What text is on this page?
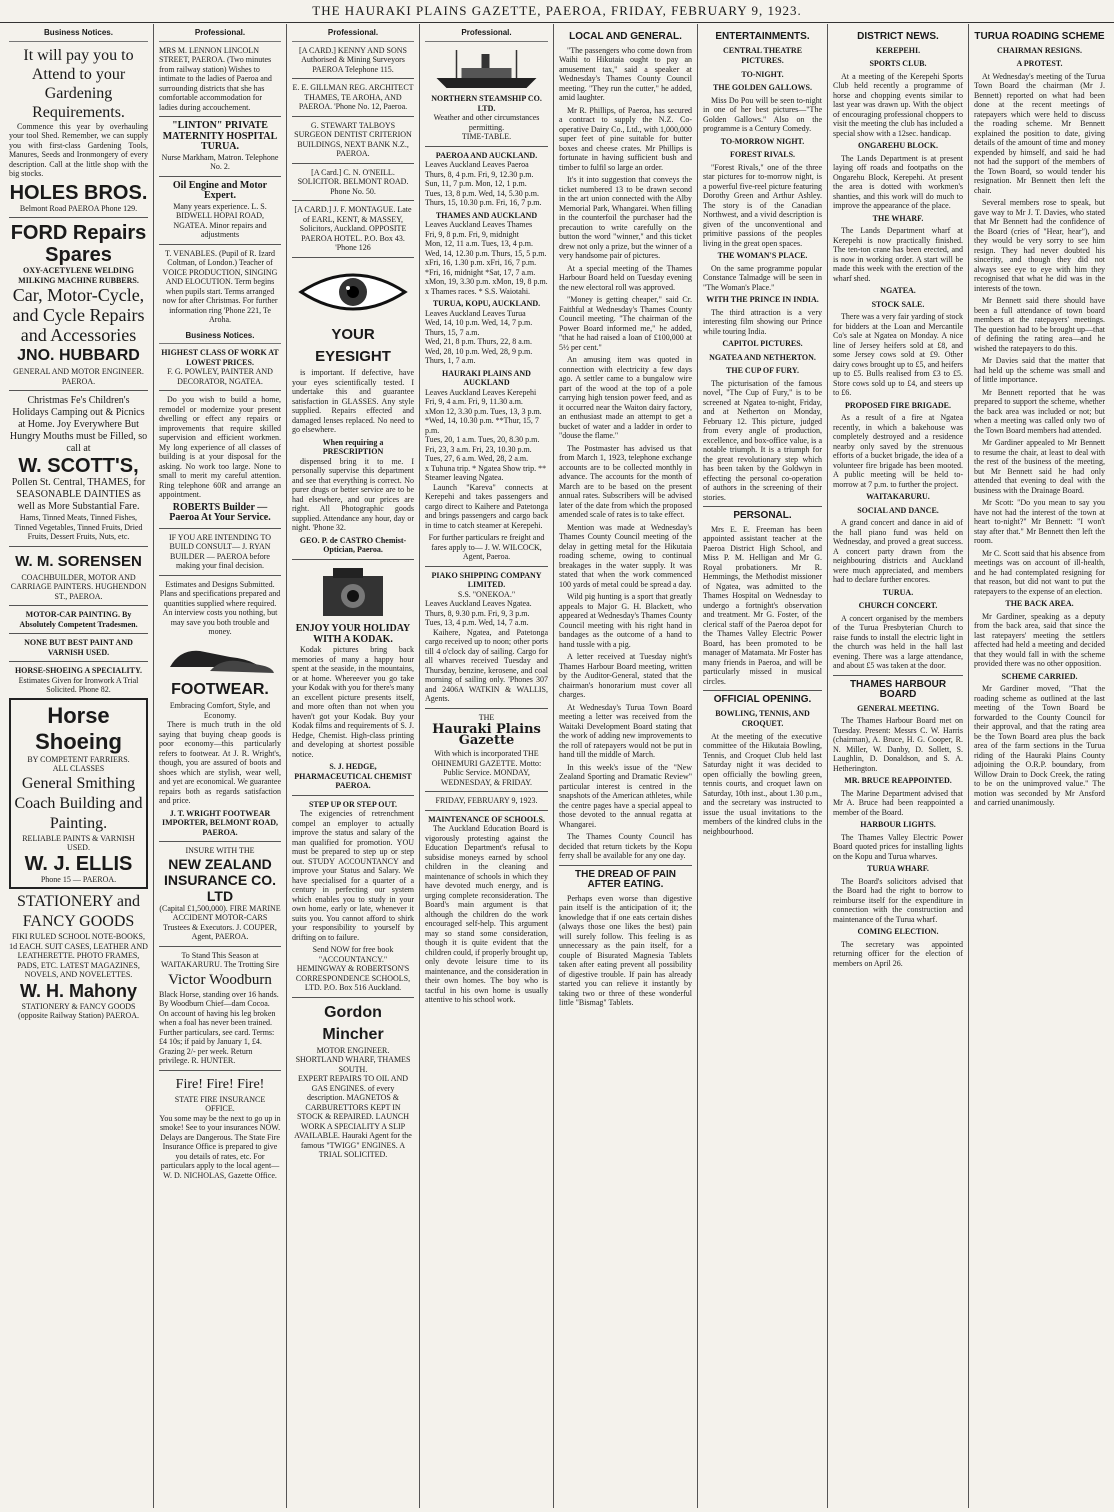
THE HAURAKI PLAINS GAZETTE, PAEROA, FRIDAY, FEBRUARY 9, 1923.
Business Notices.
It will pay you to Attend to your Gardening Requirements.

Commence this year by overhauling your tool Shed. Remember, we can supply you with first-class Gardening Tools, Manures, Seeds and Ironmongery of every description. Call at the little shop with the big stocks.

HOLES BROS.
Belmont Road PAEROA Phone 129.
FORD Repairs Spares
OXY-ACETYLENE WELDING MILKING MACHINE RUBBERS.
Car, Motor-Cycle, and Cycle Repairs and Accessories
JNO. HUBBARD
GENERAL AND MOTOR ENGINEER. PAEROA.
Christmas Fe's Children's Holidays Camping out & Picnics at Home. Joy Everywhere But Hungry Mouths must be Filled, so call at
W. SCOTT'S,
Pollen St. Central, THAMES, for SEASONABLE DAINTIES as well as More Substantial Fare.
Hams, Tinned Meats, Tinned Fishes, Tinned Vegetables, Tinned Fruits, Dried Fruits, Dessert Fruits, Nuts, etc.
W. M. SORENSEN
COACHBUILDER, MOTOR AND CARRIAGE PAINTERS. HUGHENDON ST., PAEROA.
MOTOR-CAR PAINTING. By Absolutely Competent Tradesmen.
NONE BUT BEST PAINT AND VARNISH USED.
HORSE-SHOEING A SPECIALITY.
Estimates Given for Ironwork A Trial Solicited. Phone 82.
Horse Shoeing
BY COMPETENT FARRIERS.
ALL CLASSES
General Smithing
Coach Building and Painting.
RELIABLE PAINTS & VARNISH USED.
W. J. ELLIS
Phone 15 — PAEROA.
STATIONERY and FANCY GOODS
FIKI RULED SCHOOL NOTE-BOOKS, 1d EACH. SUIT CASES, LEATHER AND LEATHERETTE. PHOTO FRAMES, PADS, ETC. LATEST MAGAZINES, NOVELS, AND NOVELETTES.
W. H. Mahony
STATIONERY & FANCY GOODS (opposite Railway Station) PAEROA.
Professional.
MRS M. LENNON LINCOLN STREET, PAEROA. (Two minutes from railway station) Wishes to intimate to the ladies of Paeroa and surrounding districts that she has comfortable accommodation for ladies during accouchement.
"LINTON" PRIVATE MATERNITY HOSPITAL TURUA.
Nurse Markham, Matron. Telephone No. 2.
Oil Engine and Motor Expert.
Many years experience. L. S. BIDWELL HOPAI ROAD, NGATEA. Minor repairs and adjustments
T. VENABLES. (Pupil of R. Izard Coltman, of London.) Teacher of VOICE PRODUCTION, SINGING AND ELOCUTION. Term begins when pupils start. Terms arranged now for after Christmas. For further information ring 'Phone 221, Te Aroha.
Business Notices.
HIGHEST CLASS OF WORK AT LOWEST PRICES.
F. G. POWLEY, PAINTER AND DECORATOR, NGATEA.

Do you wish to build a home, remodel or modernize your present dwelling or effect any repairs or improvements that require skilled supervision and efficient workmen. My long experience of all classes of building is at your disposal for the asking. No work too large. None to small to merit my careful attention. Ring telephone 60R and arrange an appointment.

ROBERTS Builder — Paeroa At Your Service.
IF YOU ARE INTENDING TO BUILD CONSULT— J. RYAN BUILDER — PAEROA before making your final decision.
Estimates and Designs Submitted. Plans and specifications prepared and quantities supplied where required. An interview costs you nothing, but may save you both trouble and money.
FOOTWEAR.
Embracing Comfort, Style, and Economy.

There is much truth in the old saying that buying cheap goods is poor economy—this particularly refers to footwear. At J. R. Wright's, though, you are assured of boots and shoes which are stylish, wear well, and yet are economical. We guarantee repairs both as regards satisfaction and price.

J. T. WRIGHT FOOTWEAR IMPORTER, BELMONT ROAD, PAEROA.
INSURE WITH THE
NEW ZEALAND INSURANCE CO. LTD
(Capital £1,500,000). FIRE MARINE ACCIDENT MOTOR-CARS Trustees & Executors. J. COUPER, Agent, PAEROA.
To Stand This Season at WAITAKARURU. The Trotting Sire
Victor Woodburn
Black Horse, standing over 16 hands. By Woodburn Chief—dam Cocoa. On account of having his leg broken when a foal has never been trained. Further particulars, see card. Terms: £4 10s; if paid by January 1, £4. Grazing 2/- per week. Return privilege. R. HUNTER.
Fire! Fire! Fire!
STATE FIRE INSURANCE OFFICE.
You some may be the next to go up in smoke! See to your insurances NOW. Delays are Dangerous. The State Fire Insurance Office is prepared to give you details of rates, etc. For particulars apply to the local agent— W. D. NICHOLAS, Gazette Office.
Professional.
[A CARD.] KENNY AND SONS Authorised & Mining Surveyors PAEROA Telephone 115.
E. E. GILLMAN REG. ARCHITECT THAMES, TE AROHA, AND PAEROA. 'Phone No. 12, Paeroa.
G. STEWART TALBOYS SURGEON DENTIST CRITERION BUILDINGS, NEXT BANK N.Z., PAEROA.
[A Card.] C. N. O'NEILL. SOLICITOR. BELMONT ROAD. Phone No. 50.
[A CARD.] J. F. MONTAGUE. Late of EARL, KENT, & MASSEY, Solicitors, Auckland. OPPOSITE PAEROA HOTEL. P.O. Box 43. 'Phone 126
YOUR EYESIGHT

is important. If defective, have your eyes scientifically tested. I undertake this and guarantee satisfaction in GLASSES. Any style supplied. Repairs effected and damaged lenses replaced. No need to go elsewhere.

When requiring a PRESCRIPTION

dispensed bring it to me. I personally supervise this department and see that everything is correct. No purer drugs or better service are to be had elsewhere, and our prices are right. All Photographic goods supplied. Attendance any hour, day or night. 'Phone 32.

GEO. P. de CASTRO Chemist-Optician, Paeroa.
ENJOY YOUR HOLIDAY WITH A KODAK.

Kodak pictures bring back memories of many a happy hour spent at the seaside, in the mountains, or at home. Whereever you go take your Kodak with you for there's many an excellent picture presents itself, and more often than not when you haven't got your Kodak. Buy your Kodak films and requirements of S. J. Hedge, Chemist. High-class printing and developing at shortest possible notice.

S. J. HEDGE, PHARMACEUTICAL CHEMIST PAEROA.
STEP UP OR STEP OUT.

The exigencies of retrenchment compel an employer to actually improve the status and salary of the man qualified for promotion. YOU must be prepared to step up or step out. STUDY ACCOUNTANCY and improve your Status and Salary. We have specialised for a quarter of a century in perfecting our system which enables you to study in your own home, early or late, whenever it suits you. You cannot afford to shirk your responsibility to yourself by drifting on to failure.

Send NOW for free book "ACCOUNTANCY."
HEMINGWAY & ROBERTSON'S CORRESPONDENCE SCHOOLS, LTD. P.O. Box 516 Auckland.
Gordon Mincher
MOTOR ENGINEER. SHORTLAND WHARF, THAMES SOUTH.
EXPERT REPAIRS TO OIL AND GAS ENGINES. of every description. MAGNETOS & CARBURETTORS KEPT IN STOCK & REPAIRED. LAUNCH WORK A SPECIALITY A SLIP AVAILABLE. Hauraki Agent for the famous "TWIGG" ENGINES. A TRIAL SOLICITED.
Professional.
NORTHERN STEAMSHIP CO. LTD.
Weather and other circumstances permitting.
TIME-TABLE.
PAEROA AND AUCKLAND.
Leaves Auckland Leaves Paeroa
Thurs, 8, 4 p.m. Fri, 9, 12.30 p.m.
Sun, 11, 7 p.m. Mon, 12, 1 p.m.
Tues, 13, 8 p.m. Wed, 14, 5.30 p.m.
Thurs, 15, 10.30 p.m. Fri, 16, 7 p.m.
THAMES AND AUCKLAND
Leaves Auckland Leaves Thames
Fri, 9, 8 p.m. Fri, 9, midnight
Mon, 12, 11 a.m. Tues, 13, 4 p.m.
Wed, 14, 12.30 p.m. Thurs, 15, 5 p.m.
xFri, 16, 1.30 p.m. xFri, 16, 7 p.m.
*Fri, 16, midnight *Sat, 17, 7 a.m.
xMon, 19, 3.30 p.m. xMon, 19, 8 p.m.
x Thames races. * S.S. Waiotahi.
TURUA, KOPU, AUCKLAND.
Leaves Auckland Leaves Turua
Wed, 14, 10 p.m. Wed, 14, 7 p.m.
Thurs, 15, 7 a.m.
Wed, 21, 8 p.m. Thurs, 22, 8 a.m.
Wed, 28, 10 p.m. Wed, 28, 9 p.m.
Thurs, 1, 7 a.m.
HAURAKI PLAINS AND AUCKLAND
Leaves Auckland Leaves Kerepehi
Fri, 9, 4 a.m. Fri, 9, 11.30 a.m.
xMon 12, 3.30 p.m. Tues, 13, 3 p.m.
*Wed, 14, 10.30 p.m. **Thur, 15, 7 p.m.
Tues, 20, 1 a.m. Tues, 20, 8.30 p.m.
Fri, 23, 3 a.m. Fri, 23, 10.30 p.m.
Tues, 27, 6 a.m. Wed, 28, 2 a.m.
x Tuhuna trip. * Ngatea Show trip. ** Steamer leaving Ngatea.

Launch "Kareva" connects at Kerepehi and takes passengers and cargo direct to Kaihere and Patetonga and brings passengers and cargo back in time to catch steamer at Kerepehi.

For further particulars re freight and fares apply to— J. W. WILCOCK, Agent, Paeroa.
PIAKO SHIPPING COMPANY LIMITED.
S.S. "ONEKOA."
Leaves Auckland Leaves Ngatea.
Thurs, 8, 9.30 p.m. Fri, 9, 3 p.m.
Tues, 13, 4 p.m. Wed, 14, 7 a.m.

Kaihere, Ngatea, and Patetonga cargo received up to noon; other ports till 4 o'clock day of sailing. Cargo for all wharves received Tuesday and Thursday, benzine, kerosene, and coal morning of sailing only. 'Phones 307 and 2406A WATKIN & WALLIS, Agents.

THE
Hauraki Plains Gazette
With which is incorporated THE OHINEMURI GAZETTE. Motto: Public Service. MONDAY, WEDNESDAY, & FRIDAY.
FRIDAY, FEBRUARY 9, 1923.
MAINTENANCE OF SCHOOLS.

The Auckland Education Board is vigorously protesting against the Education Department's refusal to subsidise moneys earned by school children in the cleaning and maintenance of schools in which they have devoted much energy, and is urging complete reconsideration. The Board's main argument is that although the children do the work encouraged self-help. This argument may so stand some consideration, though it is quite evident that the children could, if properly brought up, only devote leisure time to its maintenance, and the consideration in their own homes. The boy who is tactful in his own home is usually attentive to his school work.

LOCAL AND GENERAL.

"The passengers who come down from Waihi to Hikutaia ought to pay an amusement tax," said a speaker at Wednesday's Thames County Council meeting. "They run the cutter," he added, amid laughter.

Mr R. Phillips, of Paeroa, has secured a contract to supply the N.Z. Co-operative Dairy Co., Ltd., with 1,000,000 super feet of pine suitable for butter boxes and cheese crates. Mr Phillips is fortunate in having sufficient bush and timber to fulfil so large an order.

It's it into suggestion that conveys the ticket numbered 13 to be drawn second in the art union connected with the Alby Memorial Park, Whangarei. When filling in the counterfoil the purchaser had the precaution to write carefully on the button the word "winner," and this ticket drew not only a prize, but the winner of a very handsome pair of pictures.

At a special meeting of the Thames Harbour Board held on Tuesday evening the new electoral roll was approved.

"Money is getting cheaper," said Cr. Faithful at Wednesday's Thames County Council meeting. "The chairman of the Power Board informed me," he added, "that he had raised a loan of £100,000 at 5½ per cent."

An amusing item was quoted in connection with electricity a few days ago. A settler came to a bungalow wire part of the wood at the top of a pole carrying high tension power feed, and as it occurred near the Waiton dairy factory, an enthusiast made an attempt to get a bucket of water and a ladder in order to "douse the flame."

The Postmaster has advised us that from March 1, 1923, telephone exchange accounts are to be collected monthly in advance. The accounts for the month of March are to be based on the present annual rates. Subscribers will be advised later of the date from which the proposed amended scale of rates is to take effect.

Mention was made at Wednesday's Thames County Council meeting of the delay in getting metal for the Hikutaia roading scheme, owing to continual breakages in the water supply. It was stated that when the work commenced 100 yards of metal could be spread a day.

Wild pig hunting is a sport that greatly appeals to Major G. H. Blackett, who appeared at Wednesday's Thames County Council meeting with his right hand in bandages as the outcome of a hand to hand tussle with a pig.

A letter received at Tuesday night's Thames Harbour Board meeting, written by the Auditor-General, stated that the chairman's honorarium must cover all charges.

At Wednesday's Turua Town Board meeting a letter was received from the Waitaki Development Board stating that the work of adding new improvements to the roll of ratepayers would not be put in hand till the middle of March.

In this week's issue of the "New Zealand Sporting and Dramatic Review" particular interest is centred in the snapshots of the American athletes, while the centre pages have a special appeal to those devoted to the annual regatta at Whangarei.

The Thames County Council has decided that return tickets by the Kopu ferry shall be available for any one day.

THE DREAD OF PAIN AFTER EATING.

Perhaps even worse than digestive pain itself is the anticipation of it; the knowledge that if one eats certain dishes (always those one likes the best) pain will surely follow. This feeling is as unnecessary as the pain itself, for a couple of Bisurated Magnesia Tablets taken after eating prevent all possibility of digestive trouble. If pain has already started you can relieve it instantly by taking two or three of these wonderful little "Bismag" Tablets.

ENTERTAINMENTS.
CENTRAL THEATRE PICTURES.
TO-NIGHT.
THE GOLDEN GALLOWS.

Miss Do Pou will be seen to-night in one of her best pictures—"The Golden Gallows." Also on the programme is a Century Comedy.

TO-MORROW NIGHT.
FOREST RIVALS.

"Forest Rivals," one of the three star pictures for to-morrow night, is a powerful five-reel picture featuring Dorothy Green and Arthur Ashley. The story is of the Canadian Northwest, and a vivid description is given of the unconventional and primitive passions of the peoples living in the great open spaces.

THE WOMAN'S PLACE.

On the same programme popular Constance Talmadge will be seen in "The Woman's Place."

WITH THE PRINCE IN INDIA.

The third attraction is a very interesting film showing our Prince while touring India.

CAPITOL PICTURES.
NGATEA AND NETHERTON.
THE CUP OF FURY.

The picturisation of the famous novel, "The Cup of Fury," is to be screened at Ngatea to-night, Friday, and at Netherton on Monday, February 12. This picture, judged from every angle of production, excellence, and box-office value, is a notable triumph. It is a triumph for the great revolutionary step which has been taken by the Goldwyn in effecting the personal co-operation of authors in the screening of their stories.

PERSONAL.

Mrs E. E. Freeman has been appointed assistant teacher at the Paeroa District High School, and Miss P. M. Helligan and Mr G. Royal probationers. Mr R. Hemmings, the Methodist missioner of Ngatea, was admitted to the Thames Hospital on Wednesday to undergo a fortnight's observation and treatment. Mr G. Foster, of the clerical staff of the Paeroa depot for the Thames Valley Electric Power Board, has been promoted to be manager of Matamata. Mr Foster has many friends in Paeroa, and will be particularly missed in musical circles.

OFFICIAL OPENING.
BOWLING, TENNIS, AND CROQUET.

At the meeting of the executive committee of the Hikutaia Bowling, Tennis, and Croquet Club held last Saturday night it was decided to open officially the bowling green, tennis courts, and croquet lawn on Saturday, 10th inst., about 1.30 p.m., and the secretary was instructed to issue the usual invitations to the members of the kindred clubs in the neighbourhood.

DISTRICT NEWS.
KEREPEHI.
SPORTS CLUB.

At a meeting of the Kerepehi Sports Club held recently a programme of horse and chopping events similar to last year was drawn up. With the object of encouraging professional choppers to visit the meeting the club has included a special show with a 12sec. handicap.

ONGAREHU BLOCK.

The Lands Department is at present laying off roads and footpaths on the Ongarehu Block, Kerepehi. At present the area is dotted with workmen's shanties, and this work will do much to improve the appearance of the place.

THE WHARF.

The Lands Department wharf at Kerepehi is now practically finished. The ten-ton crane has been erected, and is now in working order. A start will be made this week with the erection of the wharf shed.

NGATEA.
STOCK SALE.

There was a very fair yarding of stock for bidders at the Loan and Mercantile Co's sale at Ngatea on Monday. A nice line of Jersey heifers sold at £8, and some Jersey cows sold at £9. Other dairy cows brought up to £5, and heifers up to £5. Bulls realised from £3 to £5. Store cows sold up to £4, and steers up to £6.

PROPOSED FIRE BRIGADE.

As a result of a fire at Ngatea recently, in which a bakehouse was completely destroyed and a residence nearby only saved by the strenuous efforts of a bucket brigade, the idea of a volunteer fire brigade has been mooted. A public meeting will be held to-morrow at 7 p.m. to further the project.

WAITAKARURU.
SOCIAL AND DANCE.

A grand concert and dance in aid of the hall piano fund was held on Wednesday, and proved a great success. A concert party drawn from the neighbouring districts and Auckland were much appreciated, and members had to declare further encores.

TURUA.
CHURCH CONCERT.

A concert organised by the members of the Turua Presbyterian Church to raise funds to install the electric light in the church was held in the hall last evening. There was a large attendance, and about £5 was taken at the door.

THAMES HARBOUR BOARD
GENERAL MEETING.

The Thames Harbour Board met on Tuesday. Present: Messrs C. W. Harris (chairman), A. Bruce, H. G. Cooper, R. N. Miller, W. Danby, D. Sollett, S. Laughlin, D. Donaldson, and S. A. Hetherington.

MR. BRUCE REAPPOINTED.

The Marine Department advised that Mr A. Bruce had been reappointed a member of the Board.

HARBOUR LIGHTS.

The Thames Valley Electric Power Board quoted prices for installing lights on the Kopu and Turua wharves.

TURUA WHARF.

The Board's solicitors advised that the Board had the right to borrow to reimburse itself for the expenditure in connection with the construction and maintenance of the Turua wharf.

COMING ELECTION.

The secretary was appointed returning officer for the election of members on April 26.

TURUA ROADING SCHEME
CHAIRMAN RESIGNS.
A PROTEST.

At Wednesday's meeting of the Turua Town Board the chairman (Mr J. Bennett) reported on what had been done at the recent meetings of ratepayers which were held to discuss the roading scheme. Mr Bennett explained the position to date, giving details of the amount of time and money expended by himself, and said he had not had the support of the members of the Town Board, so would tender his resignation. Mr Bennett then left the chair.

Several members rose to speak, but gave way to Mr J. T. Davies, who stated that Mr Bennett had the confidence of the Board (cries of "Hear, hear"), and they would be very sorry to see him resign. They had never doubted his sincerity, and though they did not always see eye to eye with him they recognised that what he did was in the interests of the town.

Mr Bennett said there should have been a full attendance of town board members at the ratepayers' meetings. The question had to be brought up—that of defining the rating area—and he wished the ratepayers to do this.

Mr Davies said that the matter that had held up the scheme was small and of little importance.

Mr Bennett reported that he was prepared to support the scheme, whether the back area was included or not; but when a meeting was called only two of the Town Board members had attended.

Mr Gardiner appealed to Mr Bennett to resume the chair, at least to deal with the rest of the business of the meeting, but Mr Bennett said he had only attended that evening to deal with the business with the Drainage Board.

Mr Scott: "Do you mean to say you have not had the interest of the town at heart to-night?" Mr Bennett: "I won't stay after that." Mr Bennett then left the room.

Mr C. Scott said that his absence from meetings was on account of ill-health, and he had contemplated resigning for that reason, but did not want to put the ratepayers to the expense of an election.

THE BACK AREA.

Mr Gardiner, speaking as a deputy from the back area, said that since the last ratepayers' meeting the settlers affected had held a meeting and decided that they would fall in with the scheme provided there was no other opposition.

SCHEME CARRIED.

Mr Gardiner moved, "That the roading scheme as outlined at the last meeting of the Town Board be forwarded to the County Council for their approval, and that the rating area be the Town Board area plus the back area of the farm sections in the Turua riding of the Hauraki Plains County adjoining the O.R.P. boundary, from Willow Drain to Dock Creek, the rating to be on the unimproved value." The motion was seconded by Mr Ansford and carried unanimously.
